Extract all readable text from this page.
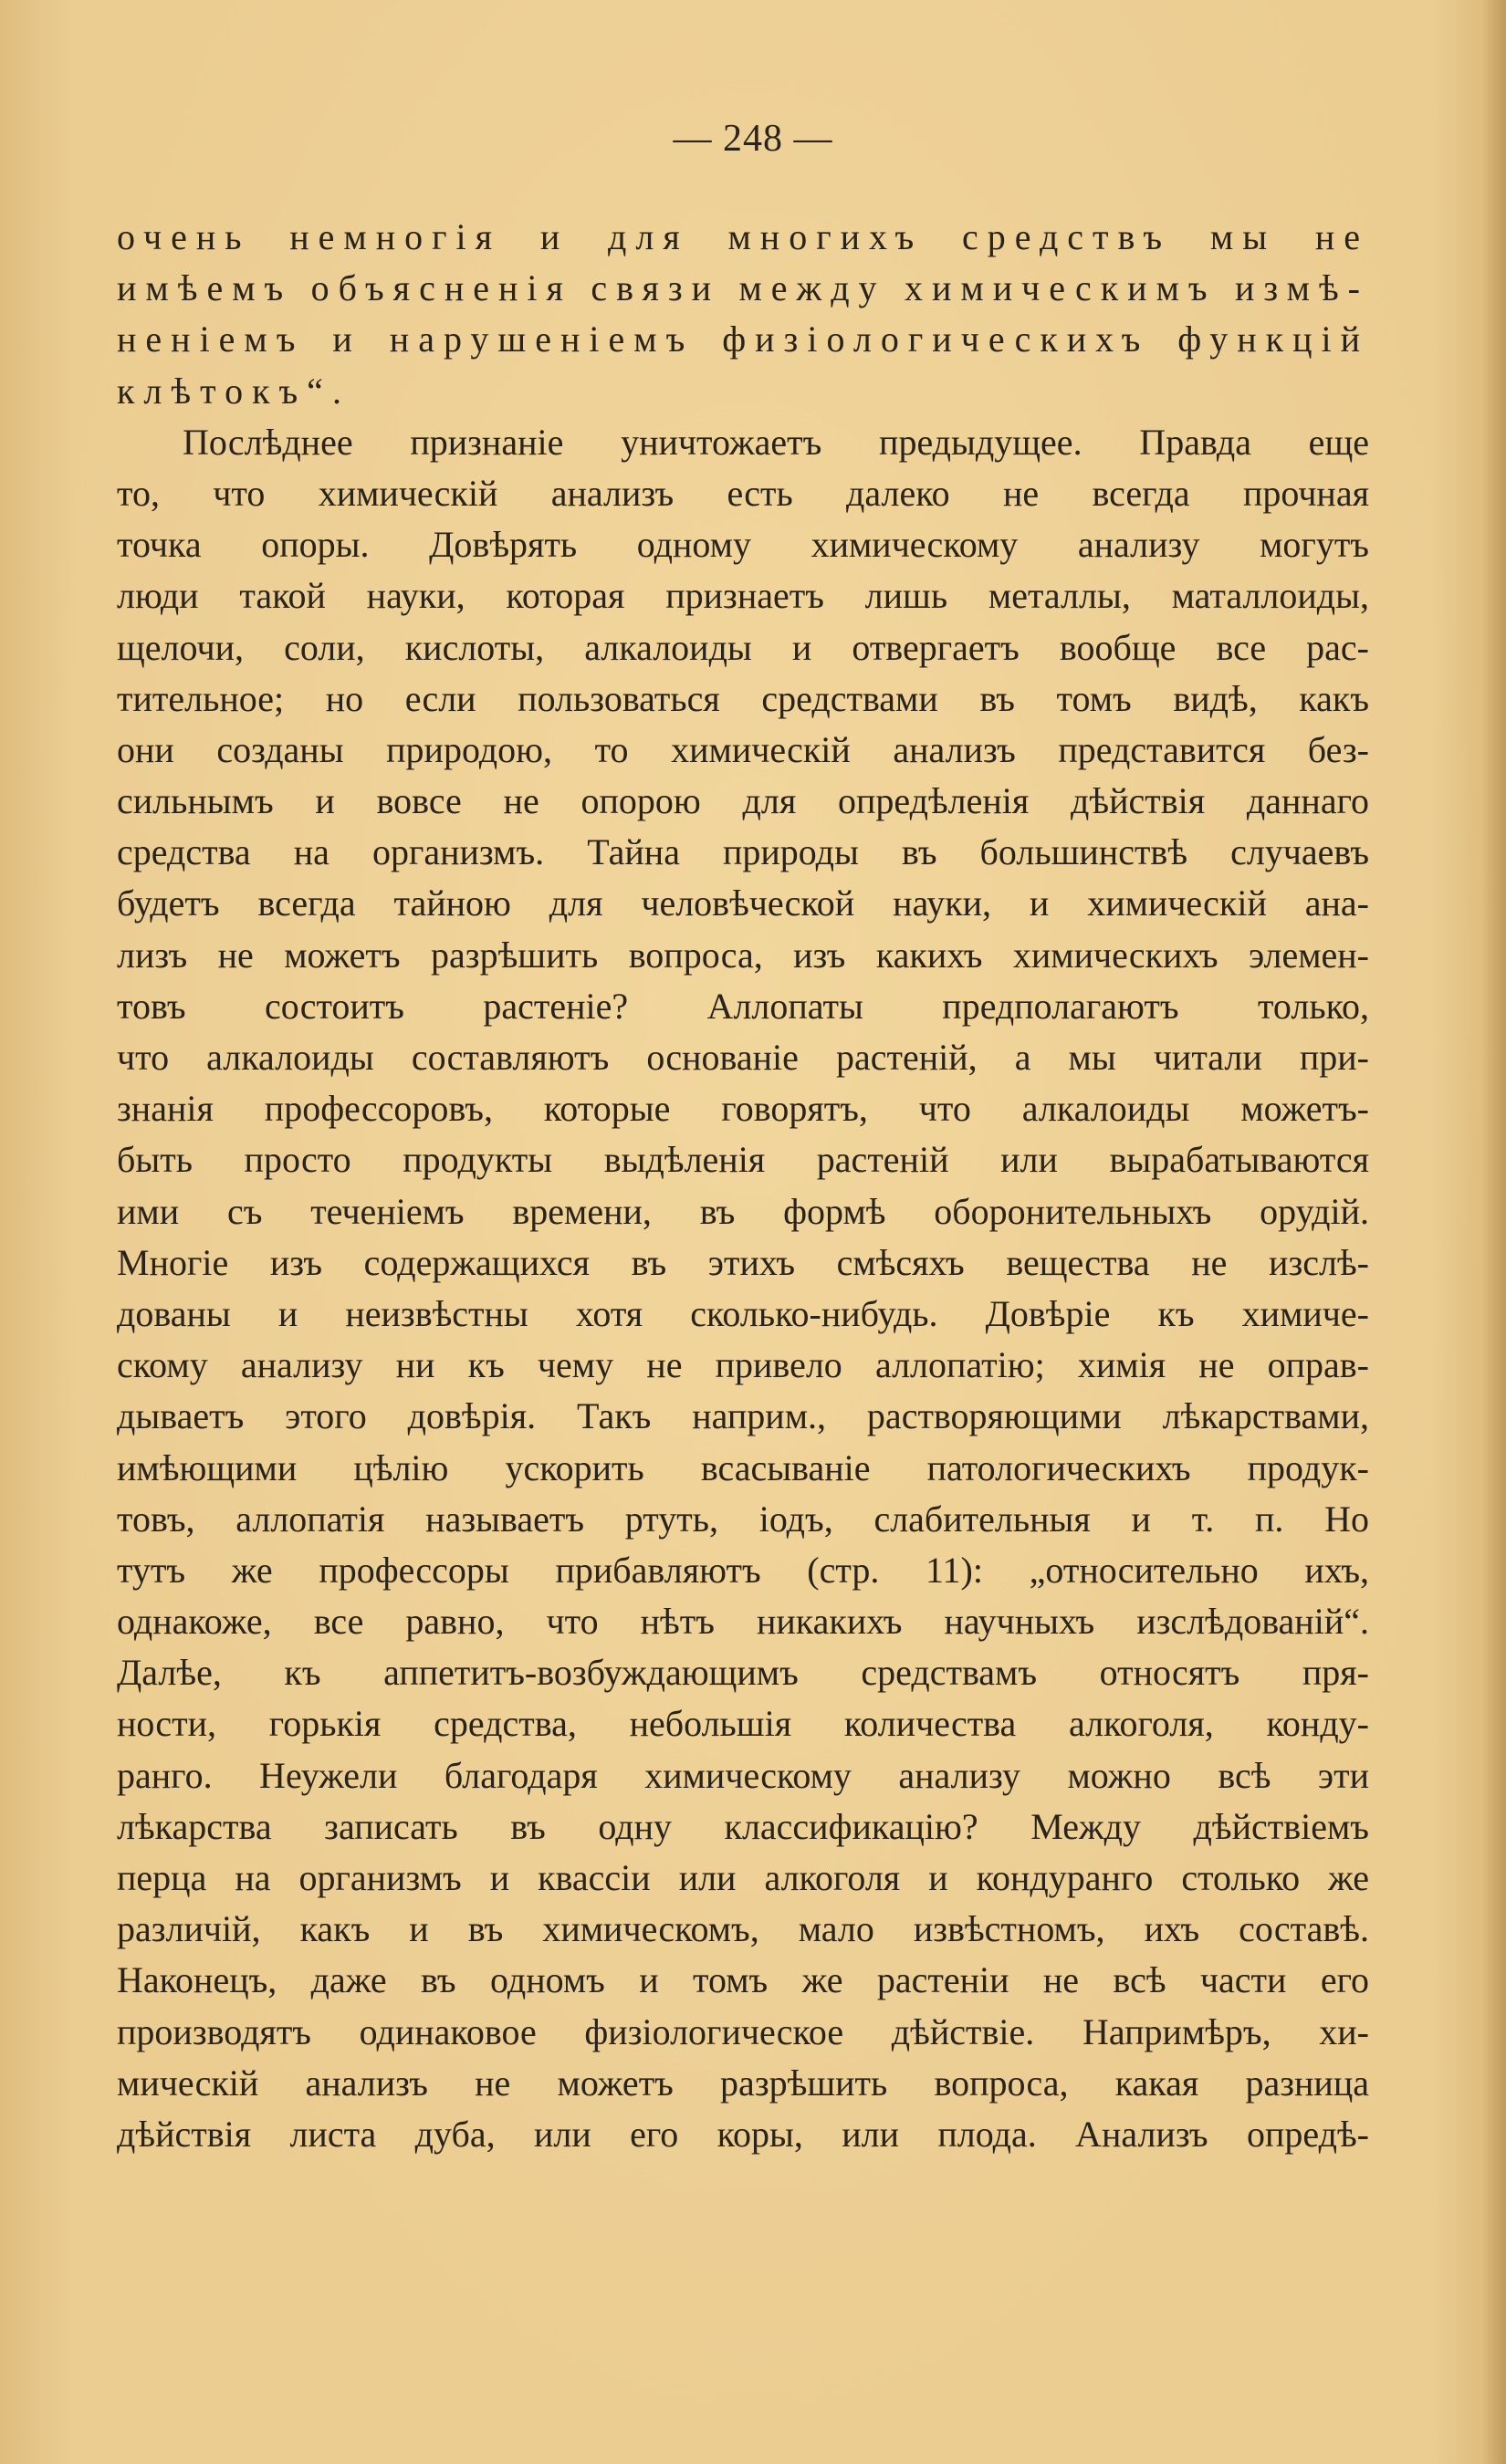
— 248 —
очень немногія и для многихъ средствъ мы не
имѣемъ объясненія связи между химическимъ измѣ-
неніемъ и нарушеніемъ физіологическихъ функцій
клѣтокъ“.
Послѣднее признаніе уничтожаетъ предыдущее. Правда еще
то, что химическій анализъ есть далеко не всегда прочная
точка опоры. Довѣрять одному химическому анализу могутъ
люди такой науки, которая признаетъ лишь металлы, маталлоиды,
щелочи, соли, кислоты, алкалоиды и отвергаетъ вообще все рас-
тительное; но если пользоваться средствами въ томъ видѣ, какъ
они созданы природою, то химическій анализъ представится без-
сильнымъ и вовсе не опорою для опредѣленія дѣйствія даннаго
средства на организмъ. Тайна природы въ большинствѣ случаевъ
будетъ всегда тайною для человѣческой науки, и химическій ана-
лизъ не можетъ разрѣшить вопроса, изъ какихъ химическихъ элемен-
товъ состоитъ растеніе? Аллопаты предполагаютъ только,
что алкалоиды составляютъ основаніе растеній, а мы читали при-
знанія профессоровъ, которые говорятъ, что алкалоиды можетъ-
быть просто продукты выдѣленія растеній или вырабатываются
ими съ теченіемъ времени, въ формѣ оборонительныхъ орудій.
Многіе изъ содержащихся въ этихъ смѣсяхъ вещества не изслѣ-
дованы и неизвѣстны хотя сколько-нибудь. Довѣріе къ химиче-
скому анализу ни къ чему не привело аллопатію; химія не оправ-
дываетъ этого довѣрія. Такъ наприм., растворяющими лѣкарствами,
имѣющими цѣлію ускорить всасываніе патологическихъ продук-
товъ, аллопатія называетъ ртуть, іодъ, слабительныя и т. п. Но
тутъ же профессоры прибавляютъ (стр. 11): „относительно ихъ,
однакоже, все равно, что нѣтъ никакихъ научныхъ изслѣдованій“.
Далѣе, къ аппетитъ-возбуждающимъ средствамъ относятъ пря-
ности, горькія средства, небольшія количества алкоголя, конду-
ранго. Неужели благодаря химическому анализу можно всѣ эти
лѣкарства записать въ одну классификацію? Между дѣйствіемъ
перца на организмъ и квассіи или алкоголя и кондуранго столько же
различій, какъ и въ химическомъ, мало извѣстномъ, ихъ составѣ.
Наконецъ, даже въ одномъ и томъ же растеніи не всѣ части его
производятъ одинаковое физіологическое дѣйствіе. Напримѣръ, хи-
мическій анализъ не можетъ разрѣшить вопроса, какая разница
дѣйствія листа дуба, или его коры, или плода. Анализъ опредѣ-
